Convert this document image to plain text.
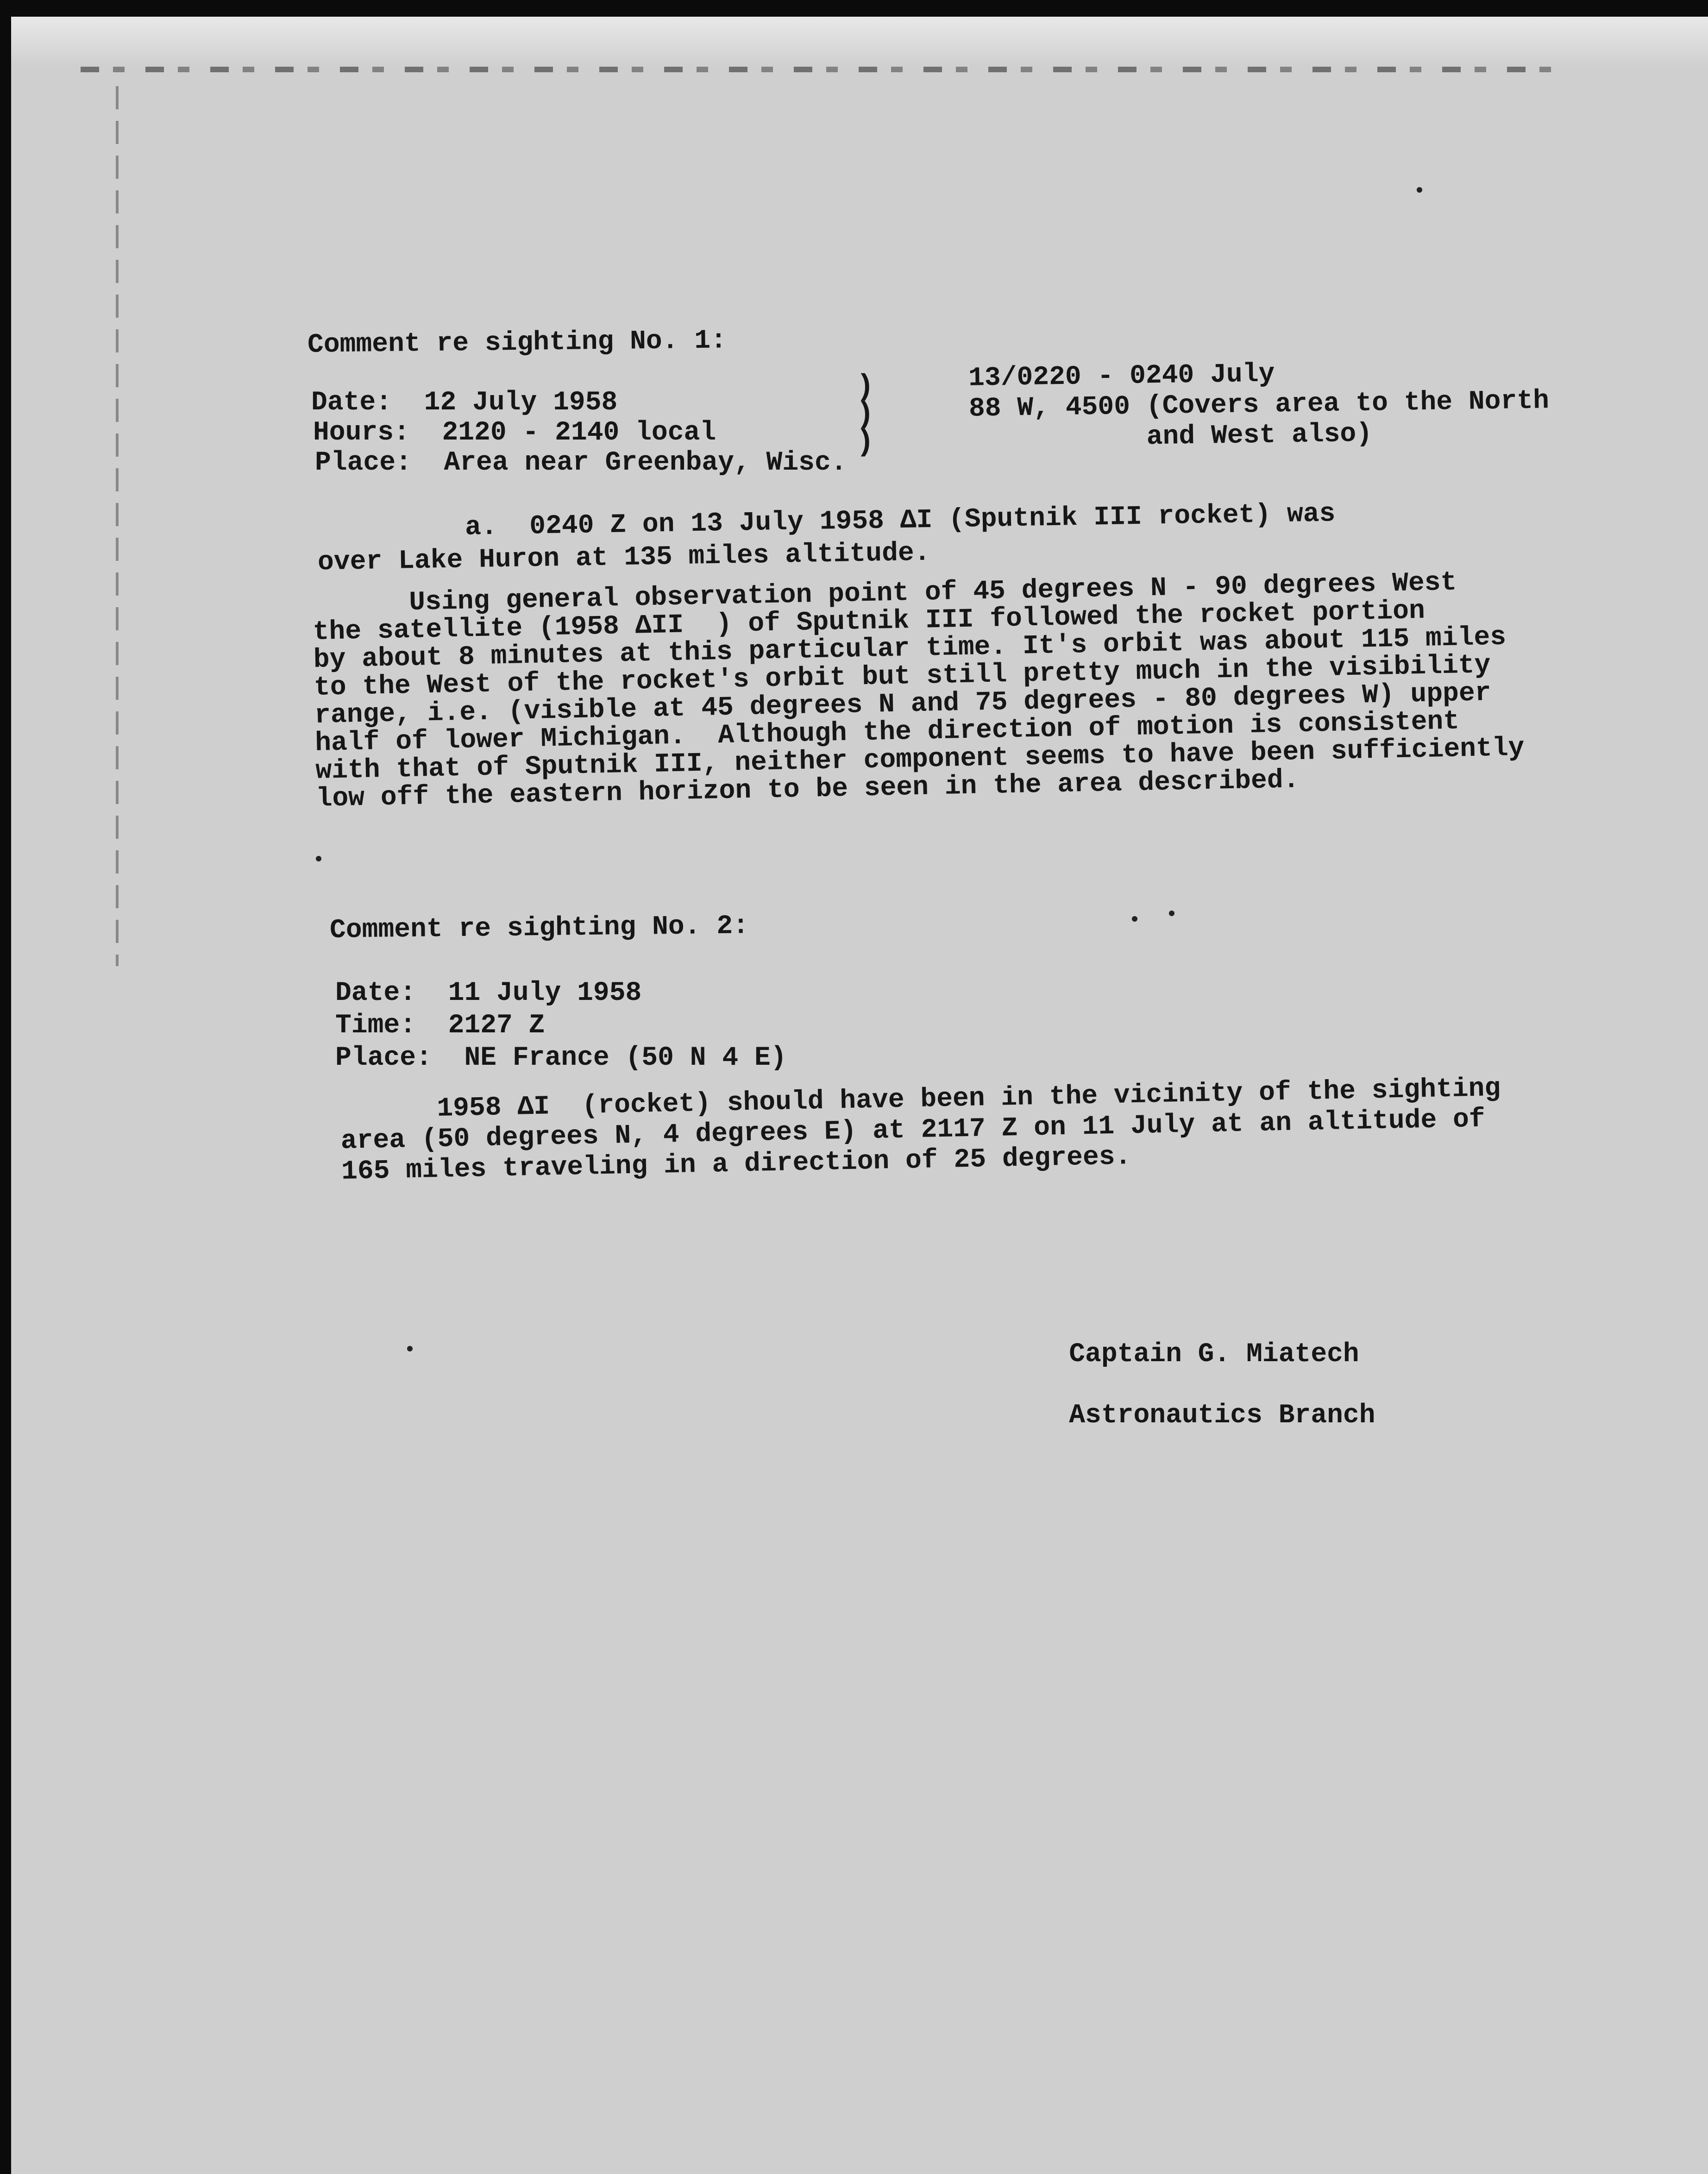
Comment re sighting No. 1:

Date:  12 July 1958

Hours:  2120 - 2140 local

Place:  Area near Greenbay, Wisc.

)
)
)

13/0220 - 0240 July
88 W, 4500 (Covers area to the North
and West also)

a.  0240 Z on 13 July 1958 ΔI (Sputnik III rocket) was

over Lake Huron at 135 miles altitude.

Using general observation point of 45 degrees N - 90 degrees West
the satellite (1958 ΔII  ) of Sputnik III followed the rocket portion
by about 8 minutes at this particular time. It's orbit was about 115 miles
to the West of the rocket's orbit but still pretty much in the visibility
range, i.e. (visible at 45 degrees N and 75 degrees - 80 degrees W) upper
half of lower Michigan.  Although the direction of motion is consistent
with that of Sputnik III, neither component seems to have been sufficiently
low off the eastern horizon to be seen in the area described.

Comment re sighting No. 2:

Date:  11 July 1958

Time:  2127 Z

Place:  NE France (50 N 4 E)

1958 ΔI  (rocket) should have been in the vicinity of the sighting
area (50 degrees N, 4 degrees E) at 2117 Z on 11 July at an altitude of
165 miles traveling in a direction of 25 degrees.

Captain G. Miatech

Astronautics Branch
